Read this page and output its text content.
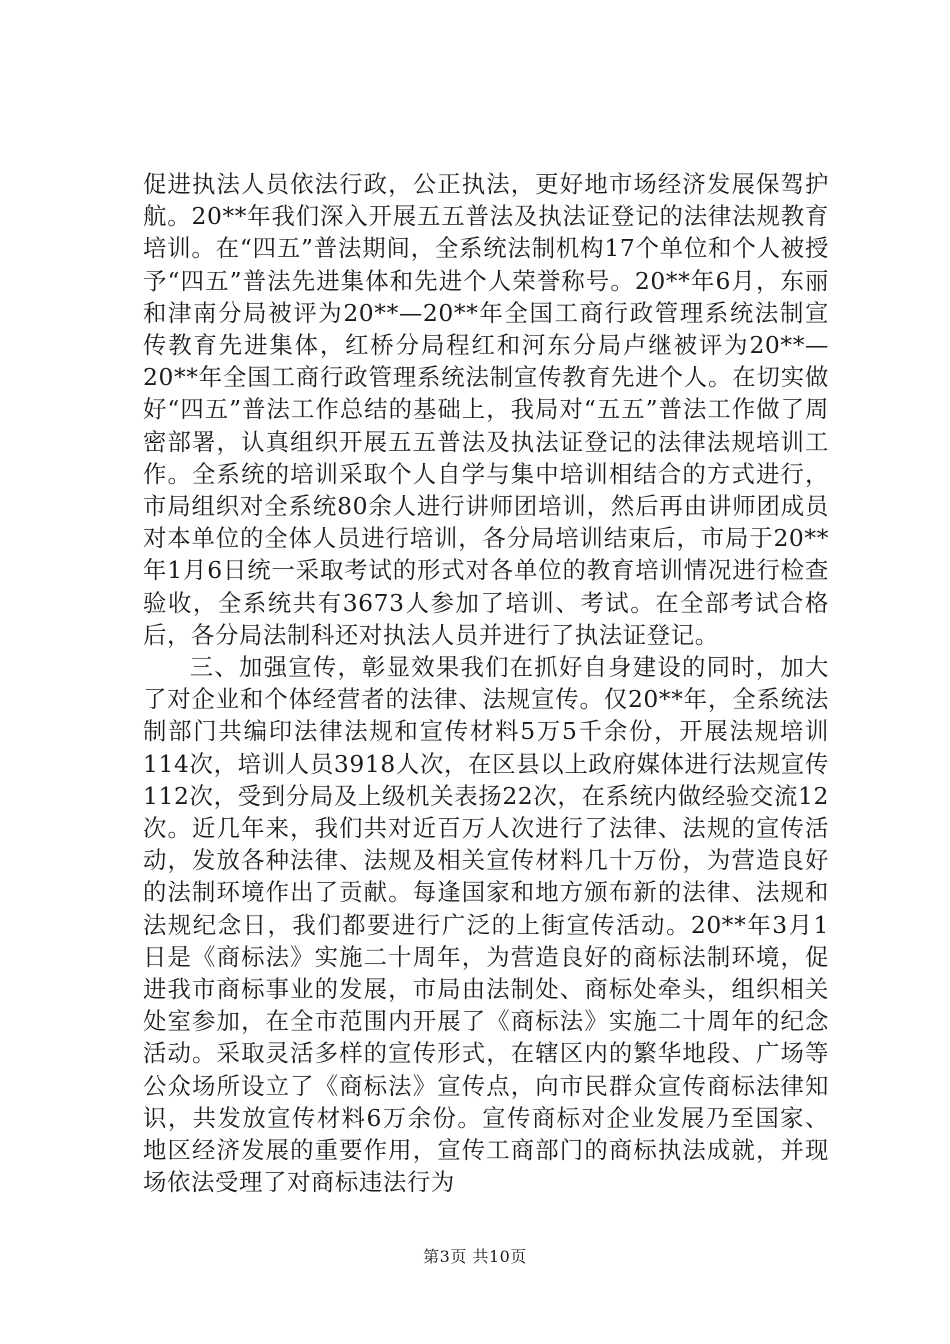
促进执法人员依法行政，公正执法，更好地市场经济发展保驾护航。20**年我们深入开展五五普法及执法证登记的法律法规教育培训。在“四五”普法期间，全系统法制机构17个单位和个人被授予“四五”普法先进集体和先进个人荣誉称号。20**年6月，东丽和津南分局被评为20**—20**年全国工商行政管理系统法制宣传教育先进集体，红桥分局程红和河东分局卢继被评为20**—20**年全国工商行政管理系统法制宣传教育先进个人。在切实做好“四五”普法工作总结的基础上，我局对“五五”普法工作做了周密部署，认真组织开展五五普法及执法证登记的法律法规培训工作。全系统的培训采取个人自学与集中培训相结合的方式进行，市局组织对全系统80余人进行讲师团培训，然后再由讲师团成员对本单位的全体人员进行培训，各分局培训结束后，市局于20**年1月6日统一采取考试的形式对各单位的教育培训情况进行检查验收，全系统共有3673人参加了培训、考试。在全部考试合格后，各分局法制科还对执法人员并进行了执法证登记。

三、加强宣传，彰显效果我们在抓好自身建设的同时，加大了对企业和个体经营者的法律、法规宣传。仅20**年，全系统法制部门共编印法律法规和宣传材料5万5千余份，开展法规培训114次，培训人员3918人次，在区县以上政府媒体进行法规宣传112次，受到分局及上级机关表扬22次，在系统内做经验交流12次。近几年来，我们共对近百万人次进行了法律、法规的宣传活动，发放各种法律、法规及相关宣传材料几十万份，为营造良好的法制环境作出了贡献。每逢国家和地方颁布新的法律、法规和法规纪念日，我们都要进行广泛的上街宣传活动。20**年3月1日是《商标法》实施二十周年，为营造良好的商标法制环境，促进我市商标事业的发展，市局由法制处、商标处牵头，组织相关处室参加，在全市范围内开展了《商标法》实施二十周年的纪念活动。采取灵活多样的宣传形式，在辖区内的繁华地段、广场等公众场所设立了《商标法》宣传点，向市民群众宣传商标法律知识，共发放宣传材料6万余份。宣传商标对企业发展乃至国家、地区经济发展的重要作用，宣传工商部门的商标执法成就，并现场依法受理了对商标违法行为

第3页 共10页
